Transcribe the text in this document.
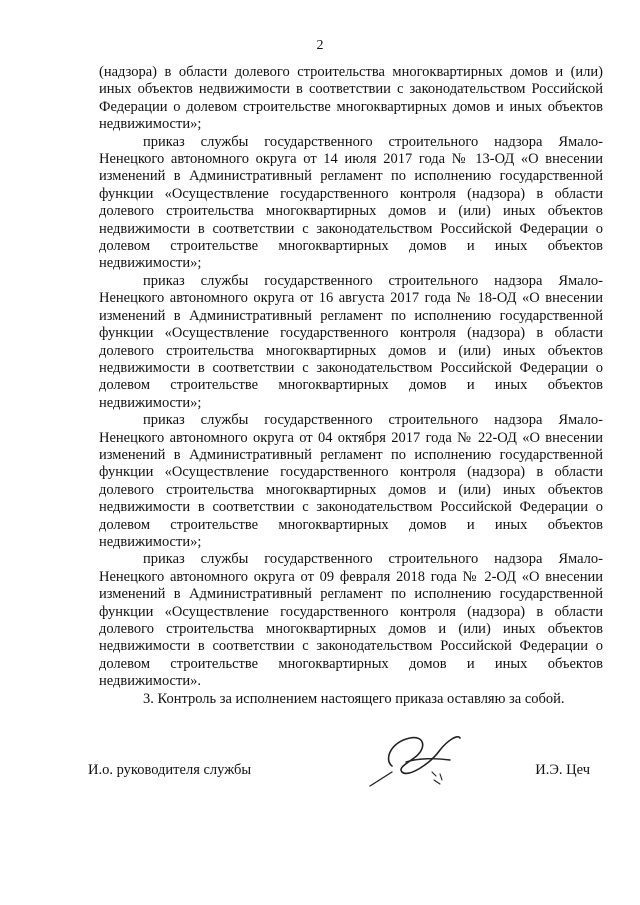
2

(надзора) в области долевого строительства многоквартирных домов и (или) иных объектов недвижимости в соответствии с законодательством Российской Федерации о долевом строительстве многоквартирных домов и иных объектов недвижимости»;

приказ службы государственного строительного надзора Ямало-Ненецкого автономного округа от 14 июля 2017 года № 13-ОД «О внесении изменений в Административный регламент по исполнению государственной функции «Осуществление государственного контроля (надзора) в области долевого строительства многоквартирных домов и (или) иных объектов недвижимости в соответствии с законодательством Российской Федерации о долевом строительстве многоквартирных домов и иных объектов недвижимости»;

приказ службы государственного строительного надзора Ямало-Ненецкого автономного округа от 16 августа 2017 года № 18-ОД «О внесении изменений в Административный регламент по исполнению государственной функции «Осуществление государственного контроля (надзора) в области долевого строительства многоквартирных домов и (или) иных объектов недвижимости в соответствии с законодательством Российской Федерации о долевом строительстве многоквартирных домов и иных объектов недвижимости»;

приказ службы государственного строительного надзора Ямало-Ненецкого автономного округа от 04 октября 2017 года № 22-ОД «О внесении изменений в Административный регламент по исполнению государственной функции «Осуществление государственного контроля (надзора) в области долевого строительства многоквартирных домов и (или) иных объектов недвижимости в соответствии с законодательством Российской Федерации о долевом строительстве многоквартирных домов и иных объектов недвижимости»;

приказ службы государственного строительного надзора Ямало-Ненецкого автономного округа от 09 февраля 2018 года № 2-ОД «О внесении изменений в Административный регламент по исполнению государственной функции «Осуществление государственного контроля (надзора) в области долевого строительства многоквартирных домов и (или) иных объектов недвижимости в соответствии с законодательством Российской Федерации о долевом строительстве многоквартирных домов и иных объектов недвижимости».

3. Контроль за исполнением настоящего приказа оставляю за собой.

И.о. руководителя службы	И.Э. Цеч
